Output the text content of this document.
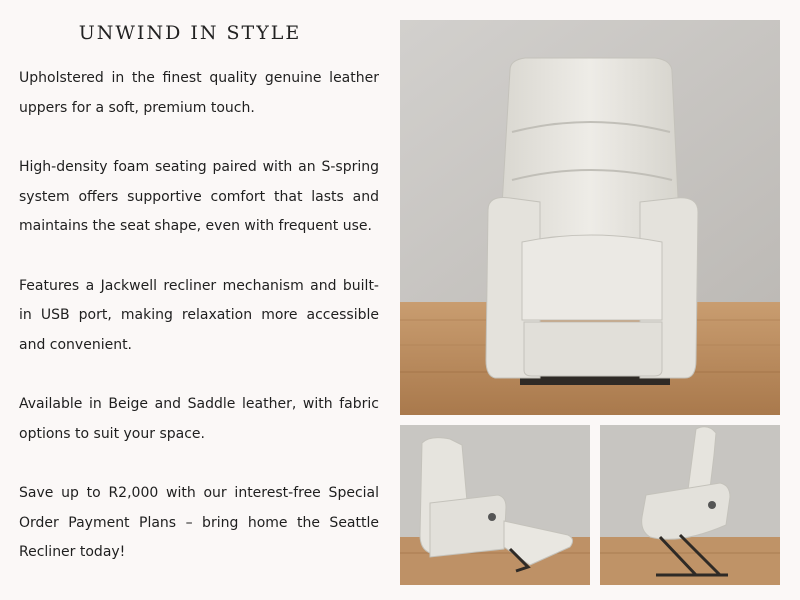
UNWIND IN STYLE

Upholstered in the finest quality genuine leather uppers for a soft, premium touch.

High-density foam seating paired with an S-spring system offers supportive comfort that lasts and maintains the seat shape, even with frequent use.

Features a Jackwell recliner mechanism and built-in USB port, making relaxation more accessible and convenient.

Available in Beige and Saddle leather, with fabric options to suit your space.

Save up to R2,000 with our interest-free Special Order Payment Plans – bring home the Seattle Recliner today!
